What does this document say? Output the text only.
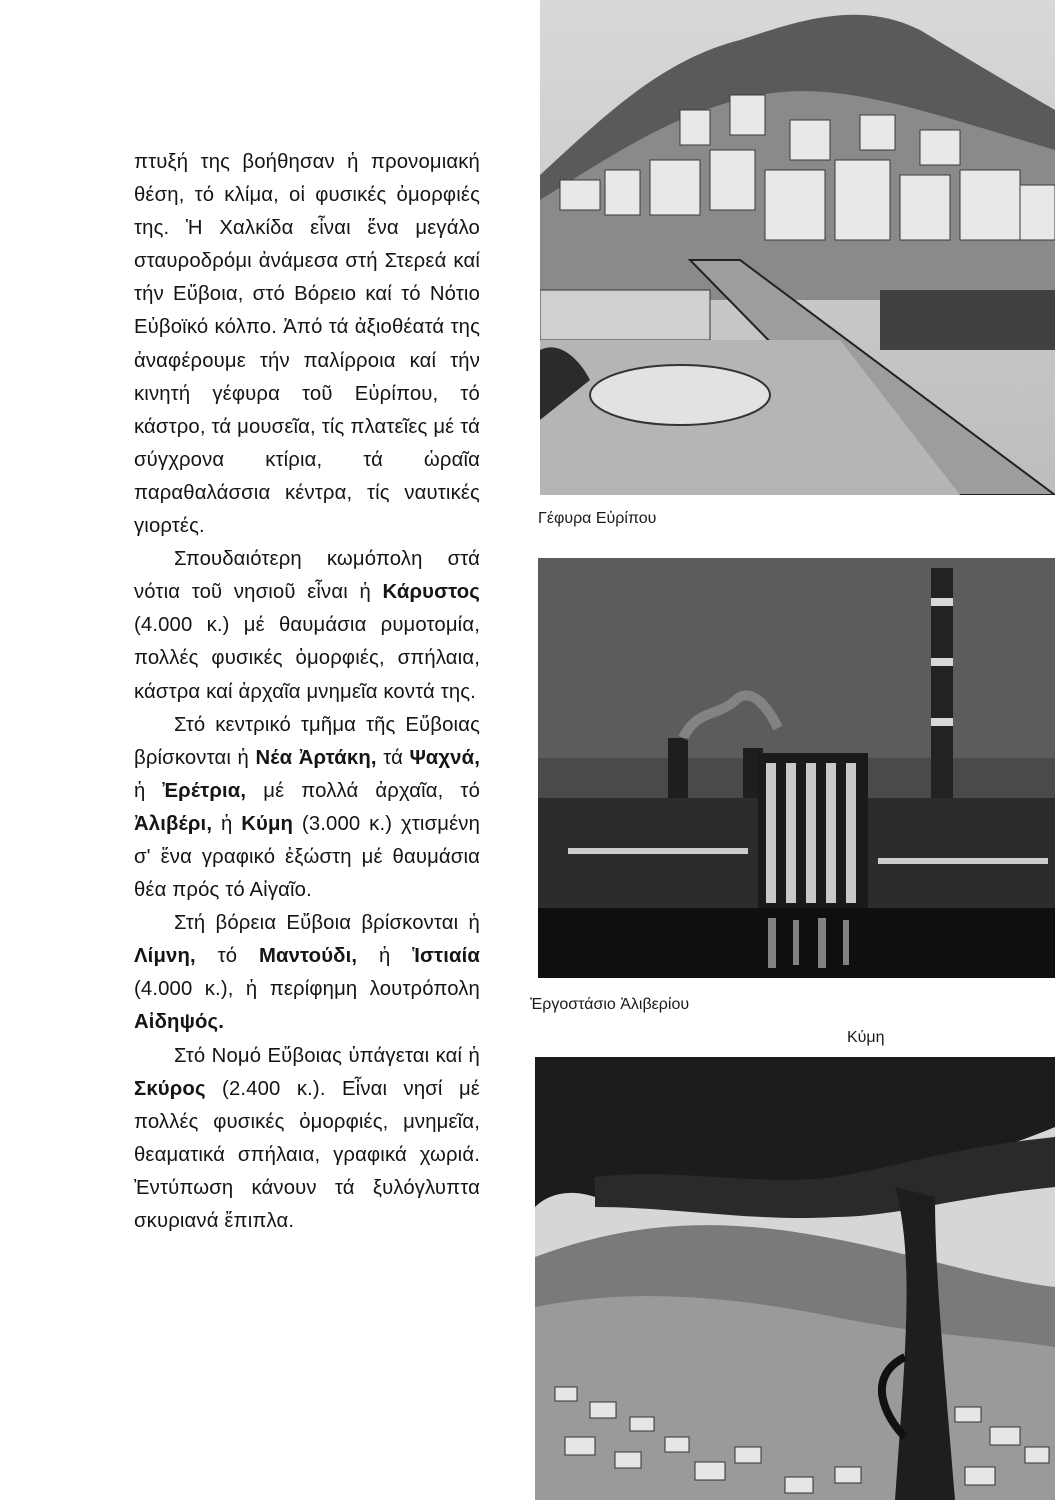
πτυξή της βοήθησαν ἡ προνομιακή θέση, τό κλίμα, οἱ φυσικές ὀμορφιές της. Ἡ Χαλκίδα εἶναι ἕνα μεγάλο σταυροδρόμι ἀνάμεσα στή Στερεά καί τήν Εὔβοια, στό Βόρειο καί τό Νότιο Εὐβοϊκό κόλπο. Ἀπό τά ἀξιοθέατά της ἀναφέρουμε τήν παλίρροια καί τήν κινητή γέφυρα τοῦ Εὐρίπου, τό κάστρο, τά μουσεῖα, τίς πλατεῖες μέ τά σύγχρονα κτίρια, τά ὡραῖα παραθαλάσσια κέντρα, τίς ναυτικές γιορτές.

Σπουδαιότερη κωμόπολη στά νότια τοῦ νησιοῦ εἶναι ἡ Κάρυστος (4.000 κ.) μέ θαυμάσια ρυμοτομία, πολλές φυσικές ὀμορφιές, σπήλαια, κάστρα καί ἀρχαῖα μνημεῖα κοντά της.

Στό κεντρικό τμῆμα τῆς Εὔβοιας βρίσκονται ἡ Νέα Ἀρτάκη, τά Ψαχνά, ἡ Ἐρέτρια, μέ πολλά ἀρχαῖα, τό Ἀλιβέρι, ἡ Κύμη (3.000 κ.) χτισμένη σ' ἕνα γραφικό ἐξώστη μέ θαυμάσια θέα πρός τό Αἰγαῖο.

Στή βόρεια Εὔβοια βρίσκονται ἡ Λίμνη, τό Μαντούδι, ἡ Ἱστιαία (4.000 κ.), ἡ περίφημη λουτρόπολη Αἰδηψός.

Στό Νομό Εὔβοιας ὑπάγεται καί ἡ Σκύρος (2.400 κ.). Εἶναι νησί μέ πολλές φυσικές ὀμορφιές, μνημεῖα, θεαματικά σπήλαια, γραφικά χωριά. Ἐντύπωση κάνουν τά ξυλόγλυπτα σκυριανά ἔπιπλα.

Γέφυρα Εὐρίπου
Ἐργοστάσιο Ἀλιβερίου
Κύμη
